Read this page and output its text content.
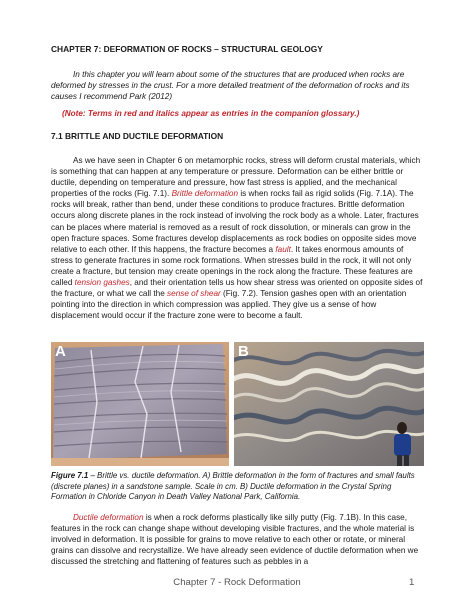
CHAPTER 7: DEFORMATION OF ROCKS – STRUCTURAL GEOLOGY

In this chapter you will learn about some of the structures that are produced when rocks are deformed by stresses in the crust. For a more detailed treatment of the deformation of rocks and its causes I recommend Park (2012)

(Note: Terms in red and italics appear as entries in the companion glossary.)

7.1 BRITTLE AND DUCTILE DEFORMATION

As we have seen in Chapter 6 on metamorphic rocks, stress will deform crustal materials, which is something that can happen at any temperature or pressure. Deformation can be either brittle or ductile, depending on temperature and pressure, how fast stress is applied, and the mechanical properties of the rocks (Fig. 7.1). Brittle deformation is when rocks fail as rigid solids (Fig. 7.1A). The rocks will break, rather than bend, under these conditions to produce fractures. Brittle deformation occurs along discrete planes in the rock instead of involving the rock body as a whole. Later, fractures can be places where material is removed as a result of rock dissolution, or minerals can grow in the open fracture spaces. Some fractures develop displacements as rock bodies on opposite sides move relative to each other. If this happens, the fracture becomes a fault. It takes enormous amounts of stress to generate fractures in some rock formations. When stresses build in the rock, it will not only create a fracture, but tension may create openings in the rock along the fracture. These features are called tension gashes, and their orientation tells us how shear stress was oriented on opposite sides of the fracture, or what we call the sense of shear (Fig. 7.2). Tension gashes open with an orientation pointing into the direction in which compression was applied. They give us a sense of how displacement would occur if the fracture zone were to become a fault.

A	B

Figure 7.1 – Brittle vs. ductile deformation. A) Brittle deformation in the form of fractures and small faults (discrete planes) in a sandstone sample. Scale in cm. B) Ductile deformation in the Crystal Spring Formation in Chloride Canyon in Death Valley National Park, California.

Ductile deformation is when a rock deforms plastically like silly putty (Fig. 7.1B). In this case, features in the rock can change shape without developing visible fractures, and the whole material is involved in deformation. It is possible for grains to move relative to each other or rotate, or mineral grains can dissolve and recrystallize. We have already seen evidence of ductile deformation when we discussed the stretching and flattening of features such as pebbles in a

Chapter 7 - Rock Deformation	1
